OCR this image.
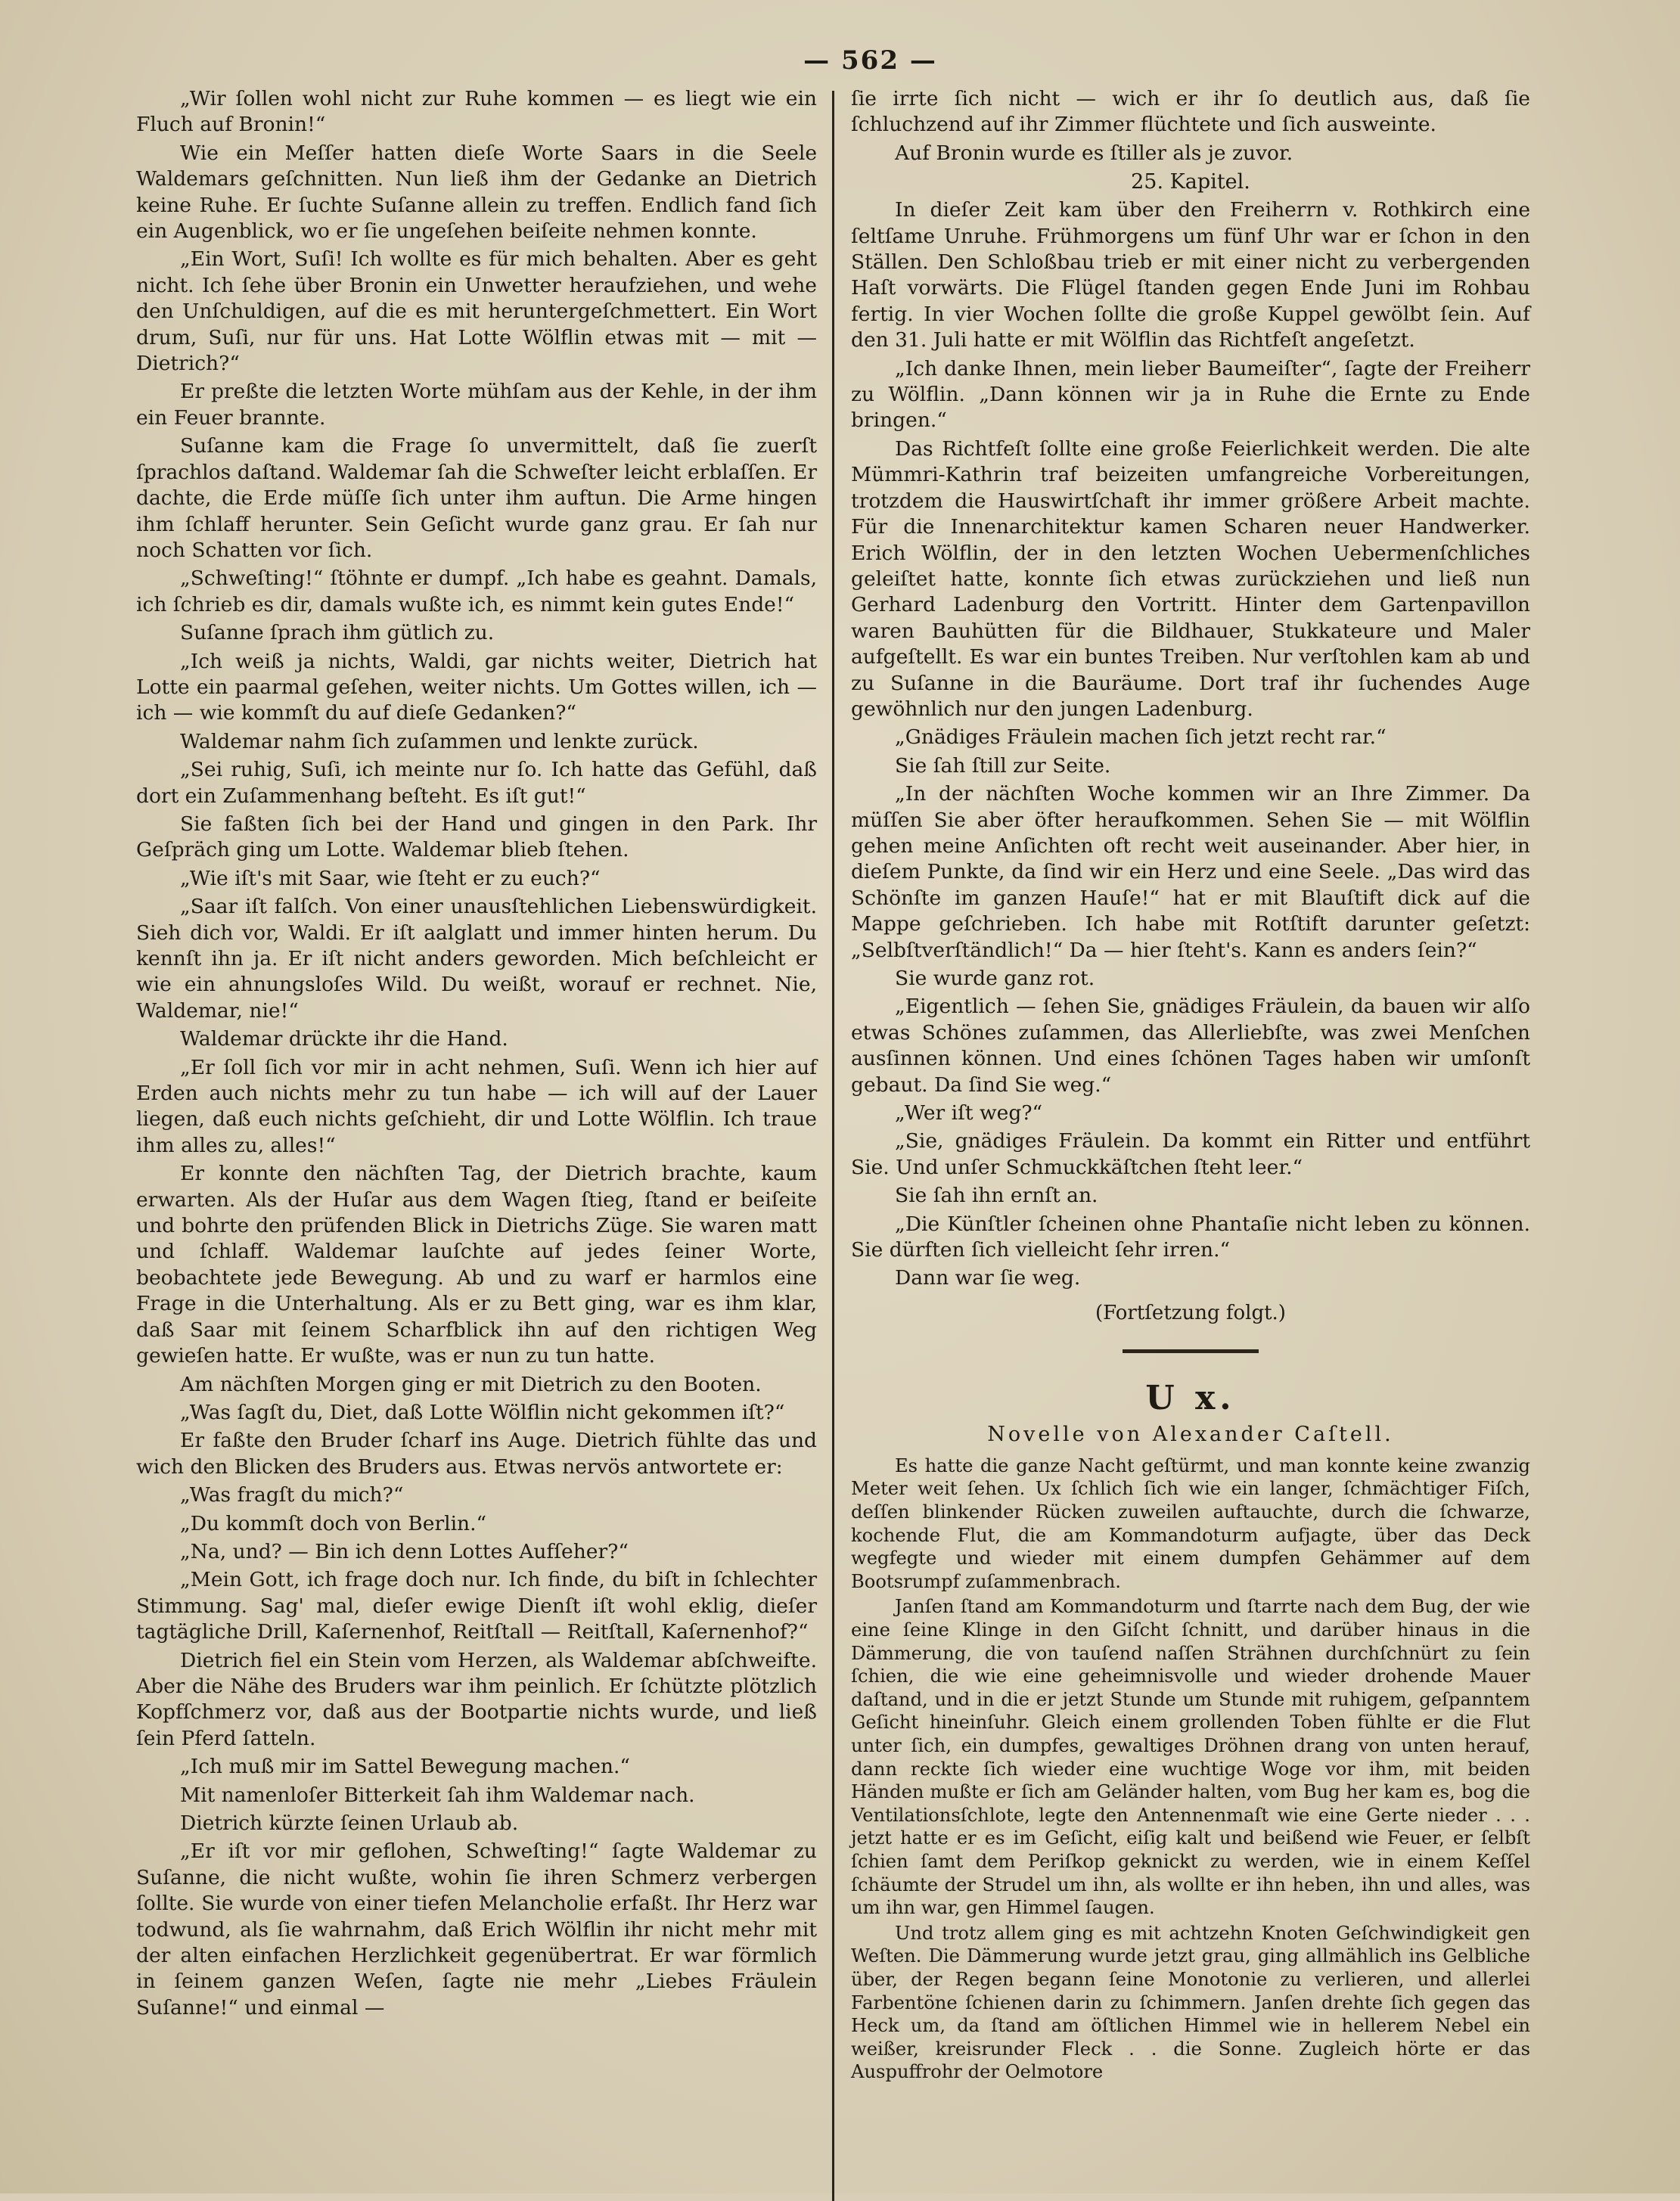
— 562 —

„Wir ſollen wohl nicht zur Ruhe kommen — es liegt wie ein Fluch auf Bronin!“

Wie ein Meſſer hatten dieſe Worte Saars in die Seele Waldemars geſchnitten. Nun ließ ihm der Gedanke an Dietrich keine Ruhe. Er ſuchte Suſanne allein zu treffen. Endlich fand ſich ein Augenblick, wo er ſie ungeſehen beiſeite nehmen konnte.

„Ein Wort, Suſi! Ich wollte es für mich behalten. Aber es geht nicht. Ich ſehe über Bronin ein Unwetter heraufziehen, und wehe den Unſchuldigen, auf die es mit heruntergeſchmettert. Ein Wort drum, Suſi, nur für uns. Hat Lotte Wölflin etwas mit — mit — Dietrich?“

Er preßte die letzten Worte mühſam aus der Kehle, in der ihm ein Feuer brannte.

Suſanne kam die Frage ſo unvermittelt, daß ſie zuerſt ſprachlos daſtand. Waldemar ſah die Schweſter leicht erblaſſen. Er dachte, die Erde müſſe ſich unter ihm auftun. Die Arme hingen ihm ſchlaff herunter. Sein Geſicht wurde ganz grau. Er ſah nur noch Schatten vor ſich.

„Schweſting!“ ſtöhnte er dumpf. „Ich habe es geahnt. Damals, ich ſchrieb es dir, damals wußte ich, es nimmt kein gutes Ende!“

Suſanne ſprach ihm gütlich zu.

„Ich weiß ja nichts, Waldi, gar nichts weiter, Dietrich hat Lotte ein paarmal geſehen, weiter nichts. Um Gottes willen, ich — ich — wie kommſt du auf dieſe Gedanken?“

Waldemar nahm ſich zuſammen und lenkte zurück.

„Sei ruhig, Suſi, ich meinte nur ſo. Ich hatte das Gefühl, daß dort ein Zuſammenhang beſteht. Es iſt gut!“

Sie faßten ſich bei der Hand und gingen in den Park. Ihr Geſpräch ging um Lotte. Waldemar blieb ſtehen.

„Wie iſt's mit Saar, wie ſteht er zu euch?“

„Saar iſt falſch. Von einer unausſtehlichen Liebenswürdigkeit. Sieh dich vor, Waldi. Er iſt aalglatt und immer hinten herum. Du kennſt ihn ja. Er iſt nicht anders geworden. Mich beſchleicht er wie ein ahnungsloſes Wild. Du weißt, worauf er rechnet. Nie, Waldemar, nie!“

Waldemar drückte ihr die Hand.

„Er ſoll ſich vor mir in acht nehmen, Suſi. Wenn ich hier auf Erden auch nichts mehr zu tun habe — ich will auf der Lauer liegen, daß euch nichts geſchieht, dir und Lotte Wölflin. Ich traue ihm alles zu, alles!“

Er konnte den nächſten Tag, der Dietrich brachte, kaum erwarten. Als der Huſar aus dem Wagen ſtieg, ſtand er beiſeite und bohrte den prüfenden Blick in Dietrichs Züge. Sie waren matt und ſchlaff. Waldemar lauſchte auf jedes ſeiner Worte, beobachtete jede Bewegung. Ab und zu warf er harmlos eine Frage in die Unterhaltung. Als er zu Bett ging, war es ihm klar, daß Saar mit ſeinem Scharfblick ihn auf den richtigen Weg gewieſen hatte. Er wußte, was er nun zu tun hatte.

Am nächſten Morgen ging er mit Dietrich zu den Booten.

„Was ſagſt du, Diet, daß Lotte Wölflin nicht gekommen iſt?“

Er faßte den Bruder ſcharf ins Auge. Dietrich fühlte das und wich den Blicken des Bruders aus. Etwas nervös antwortete er:

„Was fragſt du mich?“

„Du kommſt doch von Berlin.“

„Na, und? — Bin ich denn Lottes Aufſeher?“

„Mein Gott, ich frage doch nur. Ich finde, du biſt in ſchlechter Stimmung. Sag' mal, dieſer ewige Dienſt iſt wohl eklig, dieſer tagtägliche Drill, Kaſernenhof, Reitſtall — Reitſtall, Kaſernenhof?“

Dietrich fiel ein Stein vom Herzen, als Waldemar abſchweifte. Aber die Nähe des Bruders war ihm peinlich. Er ſchützte plötzlich Kopfſchmerz vor, daß aus der Bootpartie nichts wurde, und ließ ſein Pferd ſatteln.

„Ich muß mir im Sattel Bewegung machen.“

Mit namenloſer Bitterkeit ſah ihm Waldemar nach.

Dietrich kürzte ſeinen Urlaub ab.

„Er iſt vor mir geflohen, Schweſting!“ ſagte Waldemar zu Suſanne, die nicht wußte, wohin ſie ihren Schmerz verbergen ſollte. Sie wurde von einer tiefen Melancholie erfaßt. Ihr Herz war todwund, als ſie wahrnahm, daß Erich Wölflin ihr nicht mehr mit der alten einfachen Herzlichkeit gegenübertrat. Er war förmlich in ſeinem ganzen Weſen, ſagte nie mehr „Liebes Fräulein Suſanne!“ und einmal —

ſie irrte ſich nicht — wich er ihr ſo deutlich aus, daß ſie ſchluchzend auf ihr Zimmer flüchtete und ſich ausweinte.

Auf Bronin wurde es ſtiller als je zuvor.

25. Kapitel.

In dieſer Zeit kam über den Freiherrn v. Rothkirch eine ſeltſame Unruhe. Frühmorgens um fünf Uhr war er ſchon in den Ställen. Den Schloßbau trieb er mit einer nicht zu verbergenden Haſt vorwärts. Die Flügel ſtanden gegen Ende Juni im Rohbau fertig. In vier Wochen ſollte die große Kuppel gewölbt ſein. Auf den 31. Juli hatte er mit Wölflin das Richtfeſt angeſetzt.

„Ich danke Ihnen, mein lieber Baumeiſter“, ſagte der Freiherr zu Wölflin. „Dann können wir ja in Ruhe die Ernte zu Ende bringen.“

Das Richtfeſt ſollte eine große Feierlichkeit werden. Die alte Mümmri-Kathrin traf beizeiten umfangreiche Vorbereitungen, trotzdem die Hauswirtſchaft ihr immer größere Arbeit machte. Für die Innenarchitektur kamen Scharen neuer Handwerker. Erich Wölflin, der in den letzten Wochen Uebermenſchliches geleiſtet hatte, konnte ſich etwas zurückziehen und ließ nun Gerhard Ladenburg den Vortritt. Hinter dem Gartenpavillon waren Bauhütten für die Bildhauer, Stukkateure und Maler aufgeſtellt. Es war ein buntes Treiben. Nur verſtohlen kam ab und zu Suſanne in die Bauräume. Dort traf ihr ſuchendes Auge gewöhnlich nur den jungen Ladenburg.

„Gnädiges Fräulein machen ſich jetzt recht rar.“

Sie ſah ſtill zur Seite.

„In der nächſten Woche kommen wir an Ihre Zimmer. Da müſſen Sie aber öfter heraufkommen. Sehen Sie — mit Wölflin gehen meine Anſichten oft recht weit auseinander. Aber hier, in dieſem Punkte, da ſind wir ein Herz und eine Seele. „Das wird das Schönſte im ganzen Hauſe!“ hat er mit Blauſtift dick auf die Mappe geſchrieben. Ich habe mit Rotſtift darunter geſetzt: „Selbſtverſtändlich!“ Da — hier ſteht's. Kann es anders ſein?“

Sie wurde ganz rot.

„Eigentlich — ſehen Sie, gnädiges Fräulein, da bauen wir alſo etwas Schönes zuſammen, das Allerliebſte, was zwei Menſchen ausſinnen können. Und eines ſchönen Tages haben wir umſonſt gebaut. Da ſind Sie weg.“

„Wer iſt weg?“

„Sie, gnädiges Fräulein. Da kommt ein Ritter und entführt Sie. Und unſer Schmuckkäſtchen ſteht leer.“

Sie ſah ihn ernſt an.

„Die Künſtler ſcheinen ohne Phantaſie nicht leben zu können. Sie dürften ſich vielleicht ſehr irren.“

Dann war ſie weg.

(Fortſetzung folgt.)
U x.
Novelle von Alexander Caſtell.

Es hatte die ganze Nacht geſtürmt, und man konnte keine zwanzig Meter weit ſehen. Ux ſchlich ſich wie ein langer, ſchmächtiger Fiſch, deſſen blinkender Rücken zuweilen auftauchte, durch die ſchwarze, kochende Flut, die am Kommandoturm aufjagte, über das Deck wegfegte und wieder mit einem dumpfen Gehämmer auf dem Bootsrumpf zuſammenbrach.

Janſen ſtand am Kommandoturm und ſtarrte nach dem Bug, der wie eine ſeine Klinge in den Giſcht ſchnitt, und darüber hinaus in die Dämmerung, die von tauſend naſſen Strähnen durchſchnürt zu ſein ſchien, die wie eine geheimnisvolle und wieder drohende Mauer daſtand, und in die er jetzt Stunde um Stunde mit ruhigem, geſpanntem Geſicht hineinſuhr. Gleich einem grollenden Toben fühlte er die Flut unter ſich, ein dumpfes, gewaltiges Dröhnen drang von unten herauf, dann reckte ſich wieder eine wuchtige Woge vor ihm, mit beiden Händen mußte er ſich am Geländer halten, vom Bug her kam es, bog die Ventilationsſchlote, legte den Antennenmaſt wie eine Gerte nieder . . . jetzt hatte er es im Geſicht, eiſig kalt und beißend wie Feuer, er ſelbſt ſchien ſamt dem Periſkop geknickt zu werden, wie in einem Keſſel ſchäumte der Strudel um ihn, als wollte er ihn heben, ihn und alles, was um ihn war, gen Himmel ſaugen.

Und trotz allem ging es mit achtzehn Knoten Geſchwindigkeit gen Weſten. Die Dämmerung wurde jetzt grau, ging allmählich ins Gelbliche über, der Regen begann ſeine Monotonie zu verlieren, und allerlei Farbentöne ſchienen darin zu ſchimmern. Janſen drehte ſich gegen das Heck um, da ſtand am öſtlichen Himmel wie in hellerem Nebel ein weißer, kreisrunder Fleck . . die Sonne. Zugleich hörte er das Auspuffrohr der Oelmotore
